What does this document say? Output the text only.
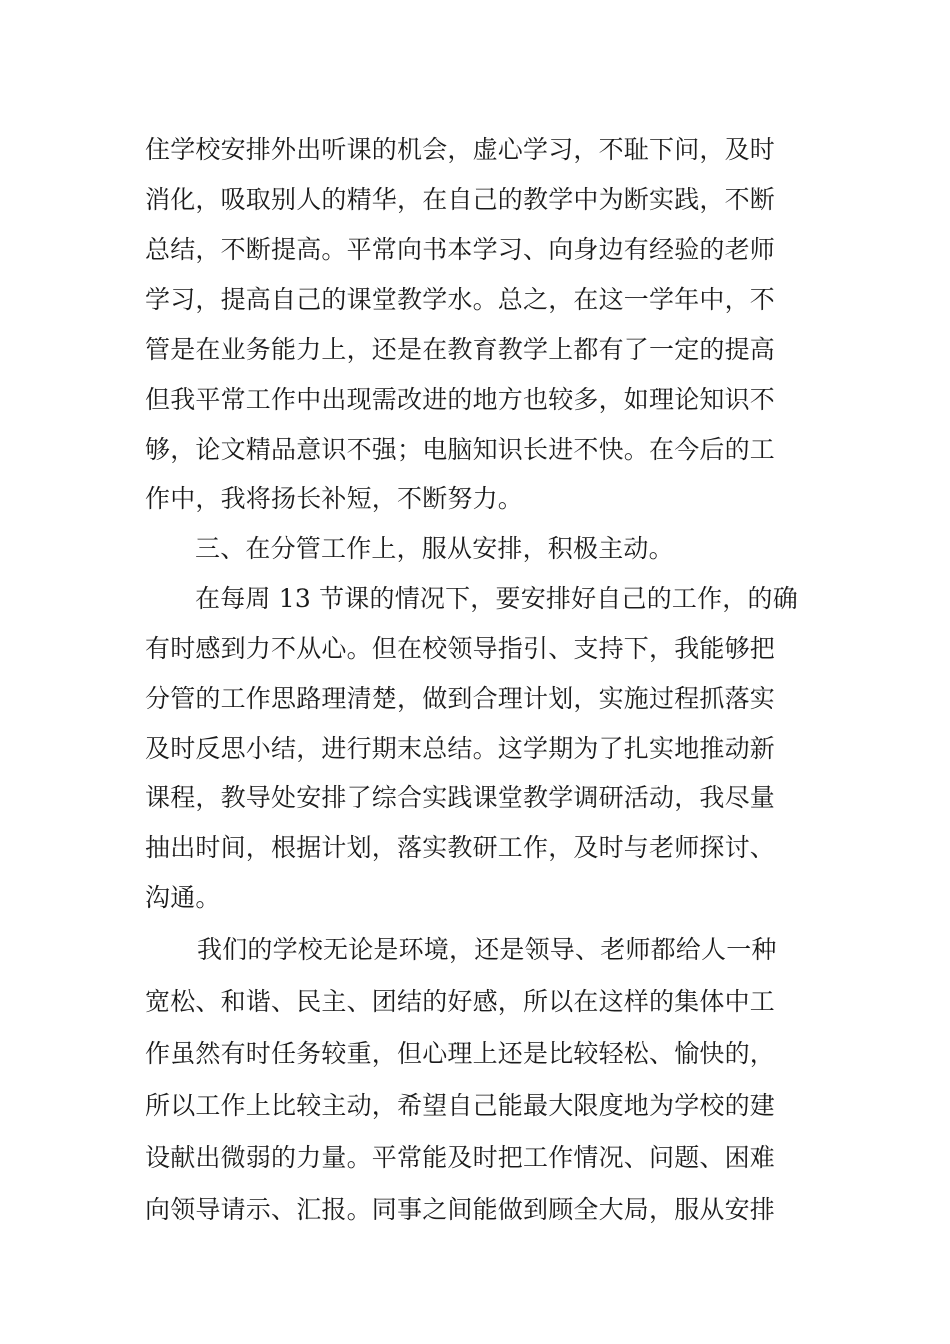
住学校安排外出听课的机会，虚心学习，不耻下问，及时
消化，吸取别人的精华，在自己的教学中为断实践，不断
总结，不断提高。平常向书本学习、向身边有经验的老师
学习，提高自己的课堂教学水。总之，在这一学年中，不
管是在业务能力上，还是在教育教学上都有了一定的提高
但我平常工作中出现需改进的地方也较多，如理论知识不
够，论文精品意识不强；电脑知识长进不快。在今后的工
作中，我将扬长补短，不断努力。
三、在分管工作上，服从安排，积极主动。
在每周 13 节课的情况下，要安排好自己的工作，的确
有时感到力不从心。但在校领导指引、支持下，我能够把
分管的工作思路理清楚，做到合理计划，实施过程抓落实
及时反思小结，进行期末总结。这学期为了扎实地推动新
课程，教导处安排了综合实践课堂教学调研活动，我尽量
抽出时间，根据计划，落实教研工作，及时与老师探讨、
沟通。
我们的学校无论是环境，还是领导、老师都给人一种
宽松、和谐、民主、团结的好感，所以在这样的集体中工
作虽然有时任务较重，但心理上还是比较轻松、愉快的，
所以工作上比较主动，希望自己能最大限度地为学校的建
设献出微弱的力量。平常能及时把工作情况、问题、困难
向领导请示、汇报。同事之间能做到顾全大局，服从安排
